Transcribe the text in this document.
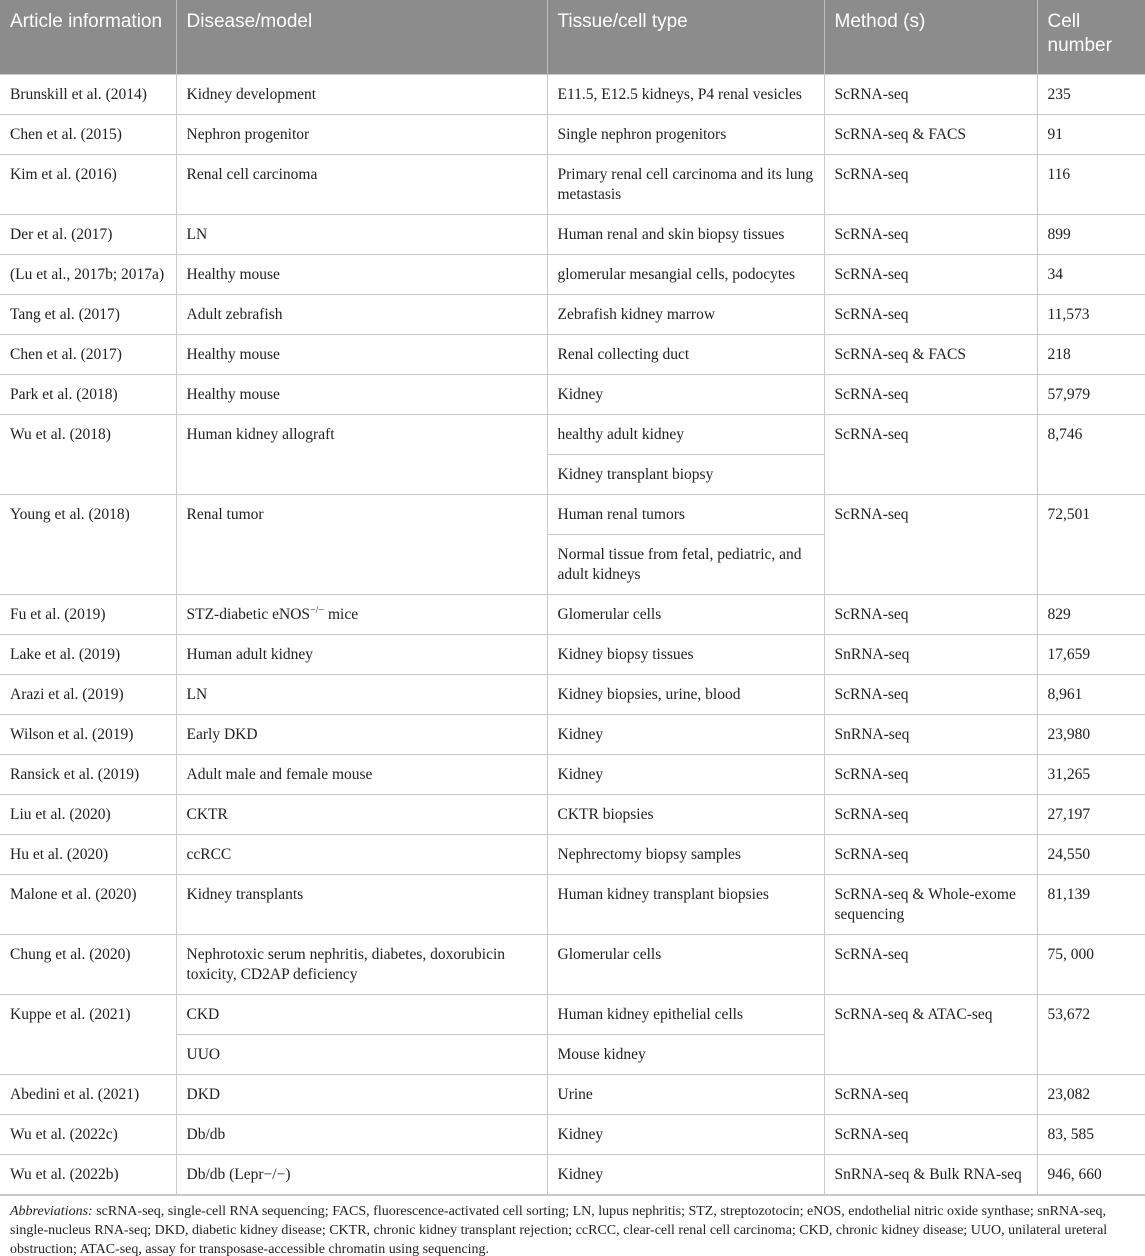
Article information	Disease/model	Tissue/cell type	Method (s)	Cell number
Brunskill et al. (2014)	Kidney development	E11.5, E12.5 kidneys, P4 renal vesicles	ScRNA-seq	235
Chen et al. (2015)	Nephron progenitor	Single nephron progenitors	ScRNA-seq & FACS	91
Kim et al. (2016)	Renal cell carcinoma	Primary renal cell carcinoma and its lung metastasis	ScRNA-seq	116
Der et al. (2017)	LN	Human renal and skin biopsy tissues	ScRNA-seq	899
(Lu et al., 2017b; 2017a)	Healthy mouse	glomerular mesangial cells, podocytes	ScRNA-seq	34
Tang et al. (2017)	Adult zebrafish	Zebrafish kidney marrow	ScRNA-seq	11,573
Chen et al. (2017)	Healthy mouse	Renal collecting duct	ScRNA-seq & FACS	218
Park et al. (2018)	Healthy mouse	Kidney	ScRNA-seq	57,979
Wu et al. (2018)	Human kidney allograft	healthy adult kidney	ScRNA-seq	8,746
		Kidney transplant biopsy		
Young et al. (2018)	Renal tumor	Human renal tumors	ScRNA-seq	72,501
		Normal tissue from fetal, pediatric, and adult kidneys		
Fu et al. (2019)	STZ-diabetic eNOS−/− mice	Glomerular cells	ScRNA-seq	829
Lake et al. (2019)	Human adult kidney	Kidney biopsy tissues	SnRNA-seq	17,659
Arazi et al. (2019)	LN	Kidney biopsies, urine, blood	ScRNA-seq	8,961
Wilson et al. (2019)	Early DKD	Kidney	SnRNA-seq	23,980
Ransick et al. (2019)	Adult male and female mouse	Kidney	ScRNA-seq	31,265
Liu et al. (2020)	CKTR	CKTR biopsies	ScRNA-seq	27,197
Hu et al. (2020)	ccRCC	Nephrectomy biopsy samples	ScRNA-seq	24,550
Malone et al. (2020)	Kidney transplants	Human kidney transplant biopsies	ScRNA-seq & Whole-exome sequencing	81,139
Chung et al. (2020)	Nephrotoxic serum nephritis, diabetes, doxorubicin toxicity, CD2AP deficiency	Glomerular cells	ScRNA-seq	75, 000
Kuppe et al. (2021)	CKD	Human kidney epithelial cells	ScRNA-seq & ATAC-seq	53,672
	UUO	Mouse kidney		
Abedini et al. (2021)	DKD	Urine	ScRNA-seq	23,082
Wu et al. (2022c)	Db/db	Kidney	ScRNA-seq	83, 585
Wu et al. (2022b)	Db/db (Lepr−/−)	Kidney	SnRNA-seq & Bulk RNA-seq	946, 660

Abbreviations: scRNA-seq, single-cell RNA sequencing; FACS, fluorescence-activated cell sorting; LN, lupus nephritis; STZ, streptozotocin; eNOS, endothelial nitric oxide synthase; snRNA-seq, single-nucleus RNA-seq; DKD, diabetic kidney disease; CKTR, chronic kidney transplant rejection; ccRCC, clear-cell renal cell carcinoma; CKD, chronic kidney disease; UUO, unilateral ureteral obstruction; ATAC-seq, assay for transposase-accessible chromatin using sequencing.
